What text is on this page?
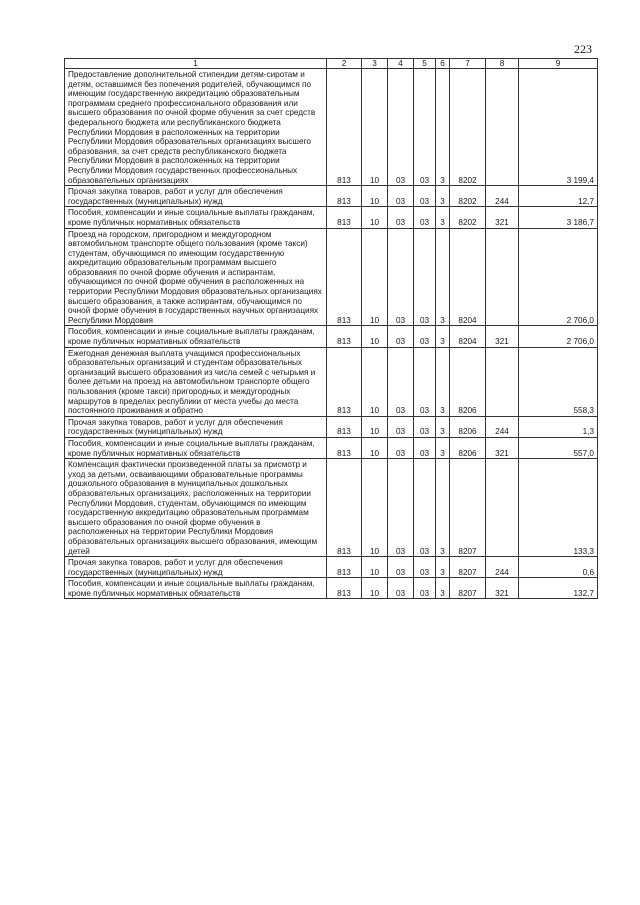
223
1	2	3	4	5	6	7	8	9
Предоставление дополнительной стипендии детям-сиротам и детям, оставшимся без попечения родителей, обучающимся по имеющим государственную аккредитацию образовательным программам среднего профессионального образования или высшего образования по очной форме обучения за счет средств федерального бюджета или республиканского бюджета Республики Мордовия в расположенных на территории Республики Мордовия образовательных организациях высшего образования, за счет средств республиканского бюджета Республики Мордовия в расположенных на территории Республики Мордовия государственных профессиональных образовательных организациях	813	10	03	03	3	8202		3 199,4
Прочая закупка товаров, работ и услуг для обеспечения государственных (муниципальных) нужд	813	10	03	03	3	8202	244	12,7
Пособия, компенсации и иные социальные выплаты гражданам, кроме публичных нормативных обязательств	813	10	03	03	3	8202	321	3 186,7
Проезд на городском, пригородном и междугородном автомобильном транспорте общего пользования (кроме такси) студентам, обучающимся по имеющим государственную аккредитацию образовательным программам высшего образования по очной форме обучения и аспирантам, обучающимся по очной форме обучения в расположенных на территории Республики Мордовия образовательных организациях высшего образования, а также аспирантам, обучающимся по очной форме обучения в государственных научных организациях Республики Мордовия	813	10	03	03	3	8204		2 706,0
Пособия, компенсации и иные социальные выплаты гражданам, кроме публичных нормативных обязательств	813	10	03	03	3	8204	321	2 706,0
Ежегодная денежная выплата учащимся профессиональных образовательных организаций и студентам образовательных организаций высшего образования из числа семей с четырьмя и более детьми на проезд на автомобильном транспорте общего пользования (кроме такси) пригородных и междугородных маршрутов в пределах республики от места учебы до места постоянного проживания и обратно	813	10	03	03	3	8206		558,3
Прочая закупка товаров, работ и услуг для обеспечения государственных (муниципальных) нужд	813	10	03	03	3	8206	244	1,3
Пособия, компенсации и иные социальные выплаты гражданам, кроме публичных нормативных обязательств	813	10	03	03	3	8206	321	557,0
Компенсация фактически произведенной платы за присмотр и уход за детьми, осваивающими образовательные программы дошкольного образования в муниципальных дошкольных образовательных организациях, расположенных на территории Республики Мордовия, студентам, обучающимся по имеющим государственную аккредитацию образовательным программам высшего образования по очной форме обучения в расположенных на территории Республики Мордовия образовательных организациях высшего образования, имеющим детей	813	10	03	03	3	8207		133,3
Прочая закупка товаров, работ и услуг для обеспечения государственных (муниципальных) нужд	813	10	03	03	3	8207	244	0,6
Пособия, компенсации и иные социальные выплаты гражданам, кроме публичных нормативных обязательств	813	10	03	03	3	8207	321	132,7
